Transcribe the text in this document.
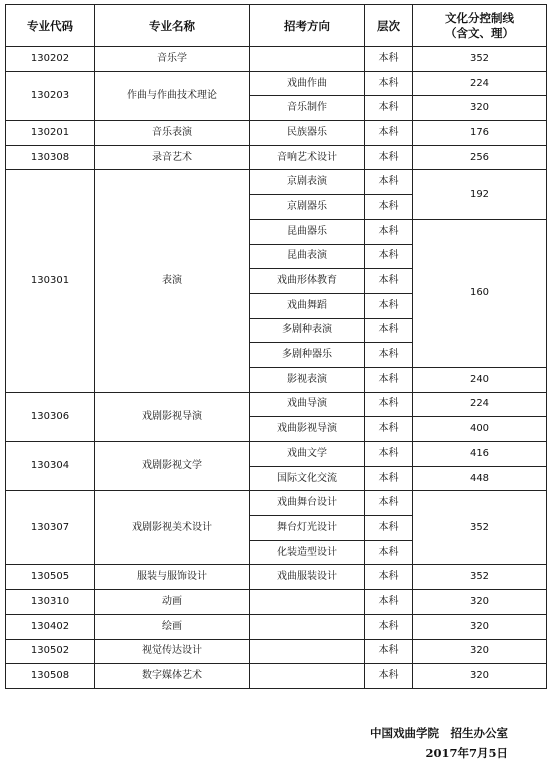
专业代码	专业名称	招考方向	层次	文化分控制线
（含文、理）

130202	音乐学		本科	352
130203	作曲与作曲技术理论	戏曲作曲	本科	224
		音乐制作	本科	320
130201	音乐表演	民族器乐	本科	176
130308	录音艺术	音响艺术设计	本科	256
130301	表演	京剧表演	本科	192
		京剧器乐	本科	
		昆曲器乐	本科	160
		昆曲表演	本科	
		戏曲形体教育	本科	
		戏曲舞蹈	本科	
		多剧种表演	本科	
		多剧种器乐	本科	
		影视表演	本科	240
130306	戏剧影视导演	戏曲导演	本科	224
		戏曲影视导演	本科	400
130304	戏剧影视文学	戏曲文学	本科	416
		国际文化交流	本科	448
130307	戏剧影视美术设计	戏曲舞台设计	本科	352
		舞台灯光设计	本科	
		化装造型设计	本科	
130505	服装与服饰设计	戏曲服装设计	本科	352
130310	动画		本科	320
130402	绘画		本科	320
130502	视觉传达设计		本科	320
130508	数字媒体艺术		本科	320
中国戏曲学院　招生办公室
2017年7月5日
